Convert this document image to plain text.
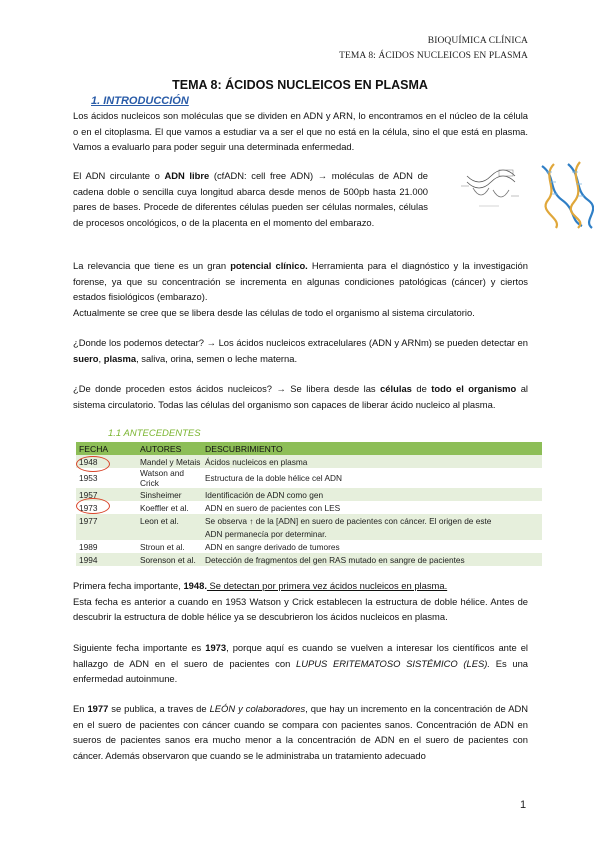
BIOQUÍMICA CLÍNICA
TEMA 8: ÁCIDOS NUCLEICOS EN PLASMA
TEMA 8: ÁCIDOS NUCLEICOS EN PLASMA
1. INTRODUCCIÓN
Los ácidos nucleicos son moléculas que se dividen en ADN y ARN, lo encontramos en el núcleo de la célula o en el citoplasma. El que vamos a estudiar va a ser el que no está en la célula, sino el que está en plasma. Vamos a evaluarlo para poder seguir una determinada enfermedad.
El ADN circulante o ADN libre (cfADN: cell free ADN) → moléculas de ADN de cadena doble o sencilla cuya longitud abarca desde menos de 500pb hasta 21.000 pares de bases. Procede de diferentes células pueden ser células normales, células de procesos oncológicos, o de la placenta en el momento del embarazo.
La relevancia que tiene es un gran potencial clínico. Herramienta para el diagnóstico y la investigación forense, ya que su concentración se incrementa en algunas condiciones patológicas (cáncer) y ciertos estados fisiológicos (embarazo).
Actualmente se cree que se libera desde las células de todo el organismo al sistema circulatorio.
¿Donde los podemos detectar? → Los ácidos nucleicos extracelulares (ADN y ARNm) se pueden detectar en suero, plasma, saliva, orina, semen o leche materna.
¿De donde proceden estos ácidos nucleicos? → Se libera desde las células de todo el organismo al sistema circulatorio. Todas las células del organismo son capaces de liberar ácido nucleico al plasma.
1.1 ANTECEDENTES
FECHA	AUTORES	DESCUBRIMIENTO
1948	Mandel y Metais	Ácidos nucleicos en plasma
1953	Watson and Crick	Estructura de la doble hélice cel ADN
1957	Sinsheimer	Identificación de ADN como gen
1973	Koeffler et al.	ADN en suero de pacientes con LES
1977	Leon et al.	Se observa ↑ de la [ADN] en suero de pacientes con cáncer. El origen de este
		ADN permanecía por determinar.
1989	Stroun et al.	ADN en sangre derivado de tumores
1994	Sorenson et al.	Detección de fragmentos del gen RAS mutado en sangre de pacientes
Primera fecha importante, 1948. Se detectan por primera vez ácidos nucleicos en plasma.
Esta fecha es anterior a cuando en 1953 Watson y Crick establecen la estructura de doble hélice. Antes de descubrir la estructura de doble hélice ya se descubrieron los ácidos nucleicos en plasma.
Siguiente fecha importante es 1973, porque aquí es cuando se vuelven a interesar los científicos ante el hallazgo de ADN en el suero de pacientes con LUPUS ERITEMATOSO SISTÉMICO (LES). Es una enfermedad autoinmune.
En 1977 se publica, a traves de LEÓN y colaboradores, que hay un incremento en la concentración de ADN en el suero de pacientes con cáncer cuando se compara con pacientes sanos. Concentración de ADN en sueros de pacientes sanos era mucho menor a la concentración de ADN en el suero de pacientes con cáncer. Además observaron que cuando se le administraba un tratamiento adecuado
1
